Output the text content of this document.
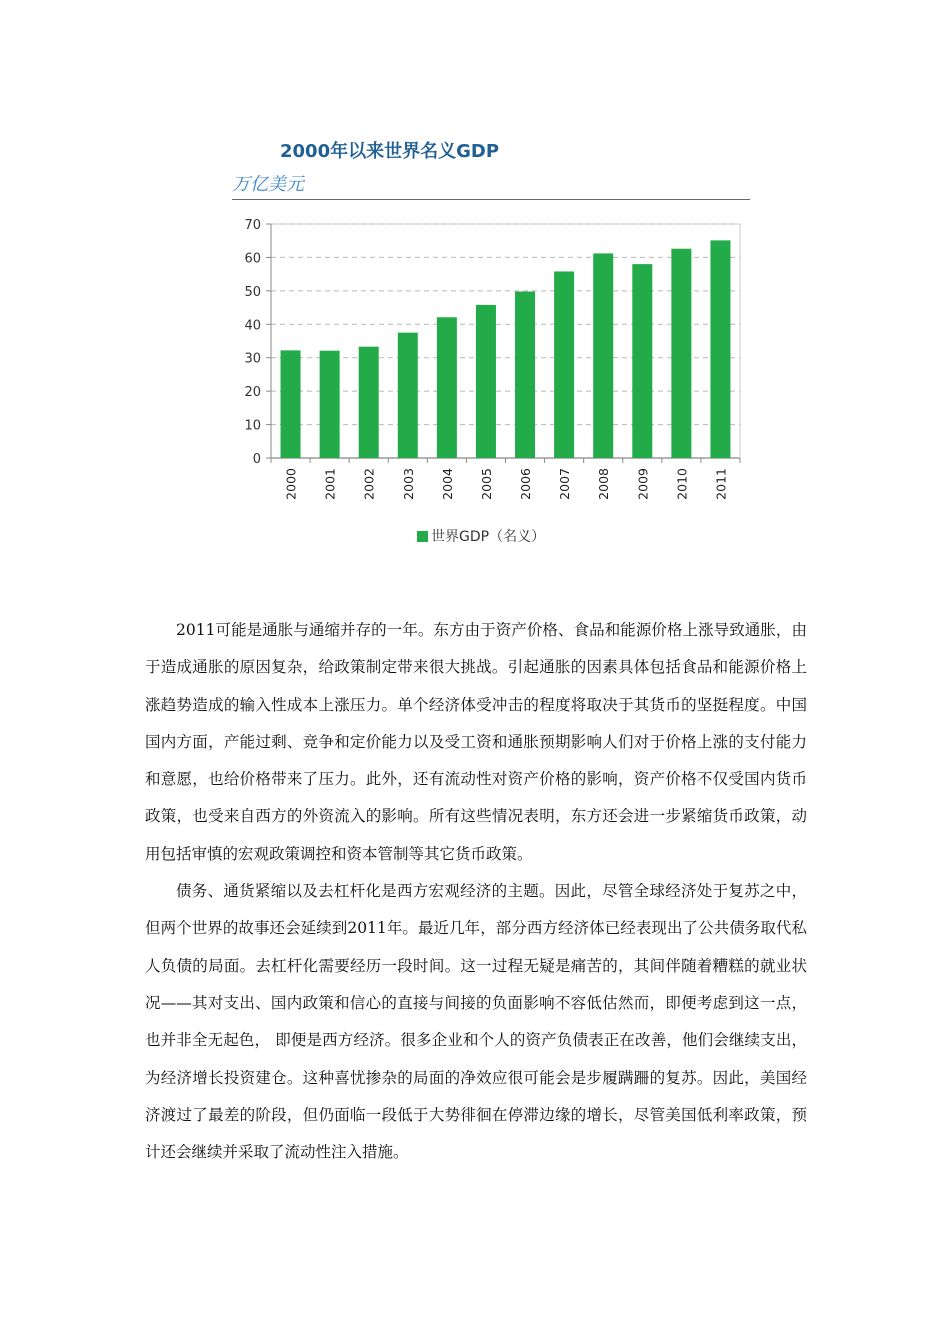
2000年以来世界名义GDP
万亿美元
0
10
20
30
40
50
60
70
2000 2001 2002 2003 2004 2005 2006 2007 2008 2009 2010 2011
世界GDP（名义）

2011可能是通胀与通缩并存的一年。东方由于资产价格、食品和能源价格上涨导致通胀，由于造成通胀的原因复杂，给政策制定带来很大挑战。引起通胀的因素具体包括食品和能源价格上涨趋势造成的输入性成本上涨压力。单个经济体受冲击的程度将取决于其货币的坚挺程度。中国国内方面，产能过剩、竞争和定价能力以及受工资和通胀预期影响人们对于价格上涨的支付能力和意愿，也给价格带来了压力。此外，还有流动性对资产价格的影响，资产价格不仅受国内货币政策，也受来自西方的外资流入的影响。所有这些情况表明，东方还会进一步紧缩货币政策，动用包括审慎的宏观政策调控和资本管制等其它货币政策。

债务、通货紧缩以及去杠杆化是西方宏观经济的主题。因此，尽管全球经济处于复苏之中，但两个世界的故事还会延续到2011年。最近几年，部分西方经济体已经表现出了公共债务取代私人负债的局面。去杠杆化需要经历一段时间。这一过程无疑是痛苦的，其间伴随着糟糕的就业状况——其对支出、国内政策和信心的直接与间接的负面影响不容低估然而，即便考虑到这一点， 也并非全无起色， 即便是西方经济。很多企业和个人的资产负债表正在改善，他们会继续支出，为经济增长投资建仓。这种喜忧掺杂的局面的净效应很可能会是步履蹒跚的复苏。因此，美国经济渡过了最差的阶段，但仍面临一段低于大势徘徊在停滞边缘的增长，尽管美国低利率政策，预计还会继续并采取了流动性注入措施。
